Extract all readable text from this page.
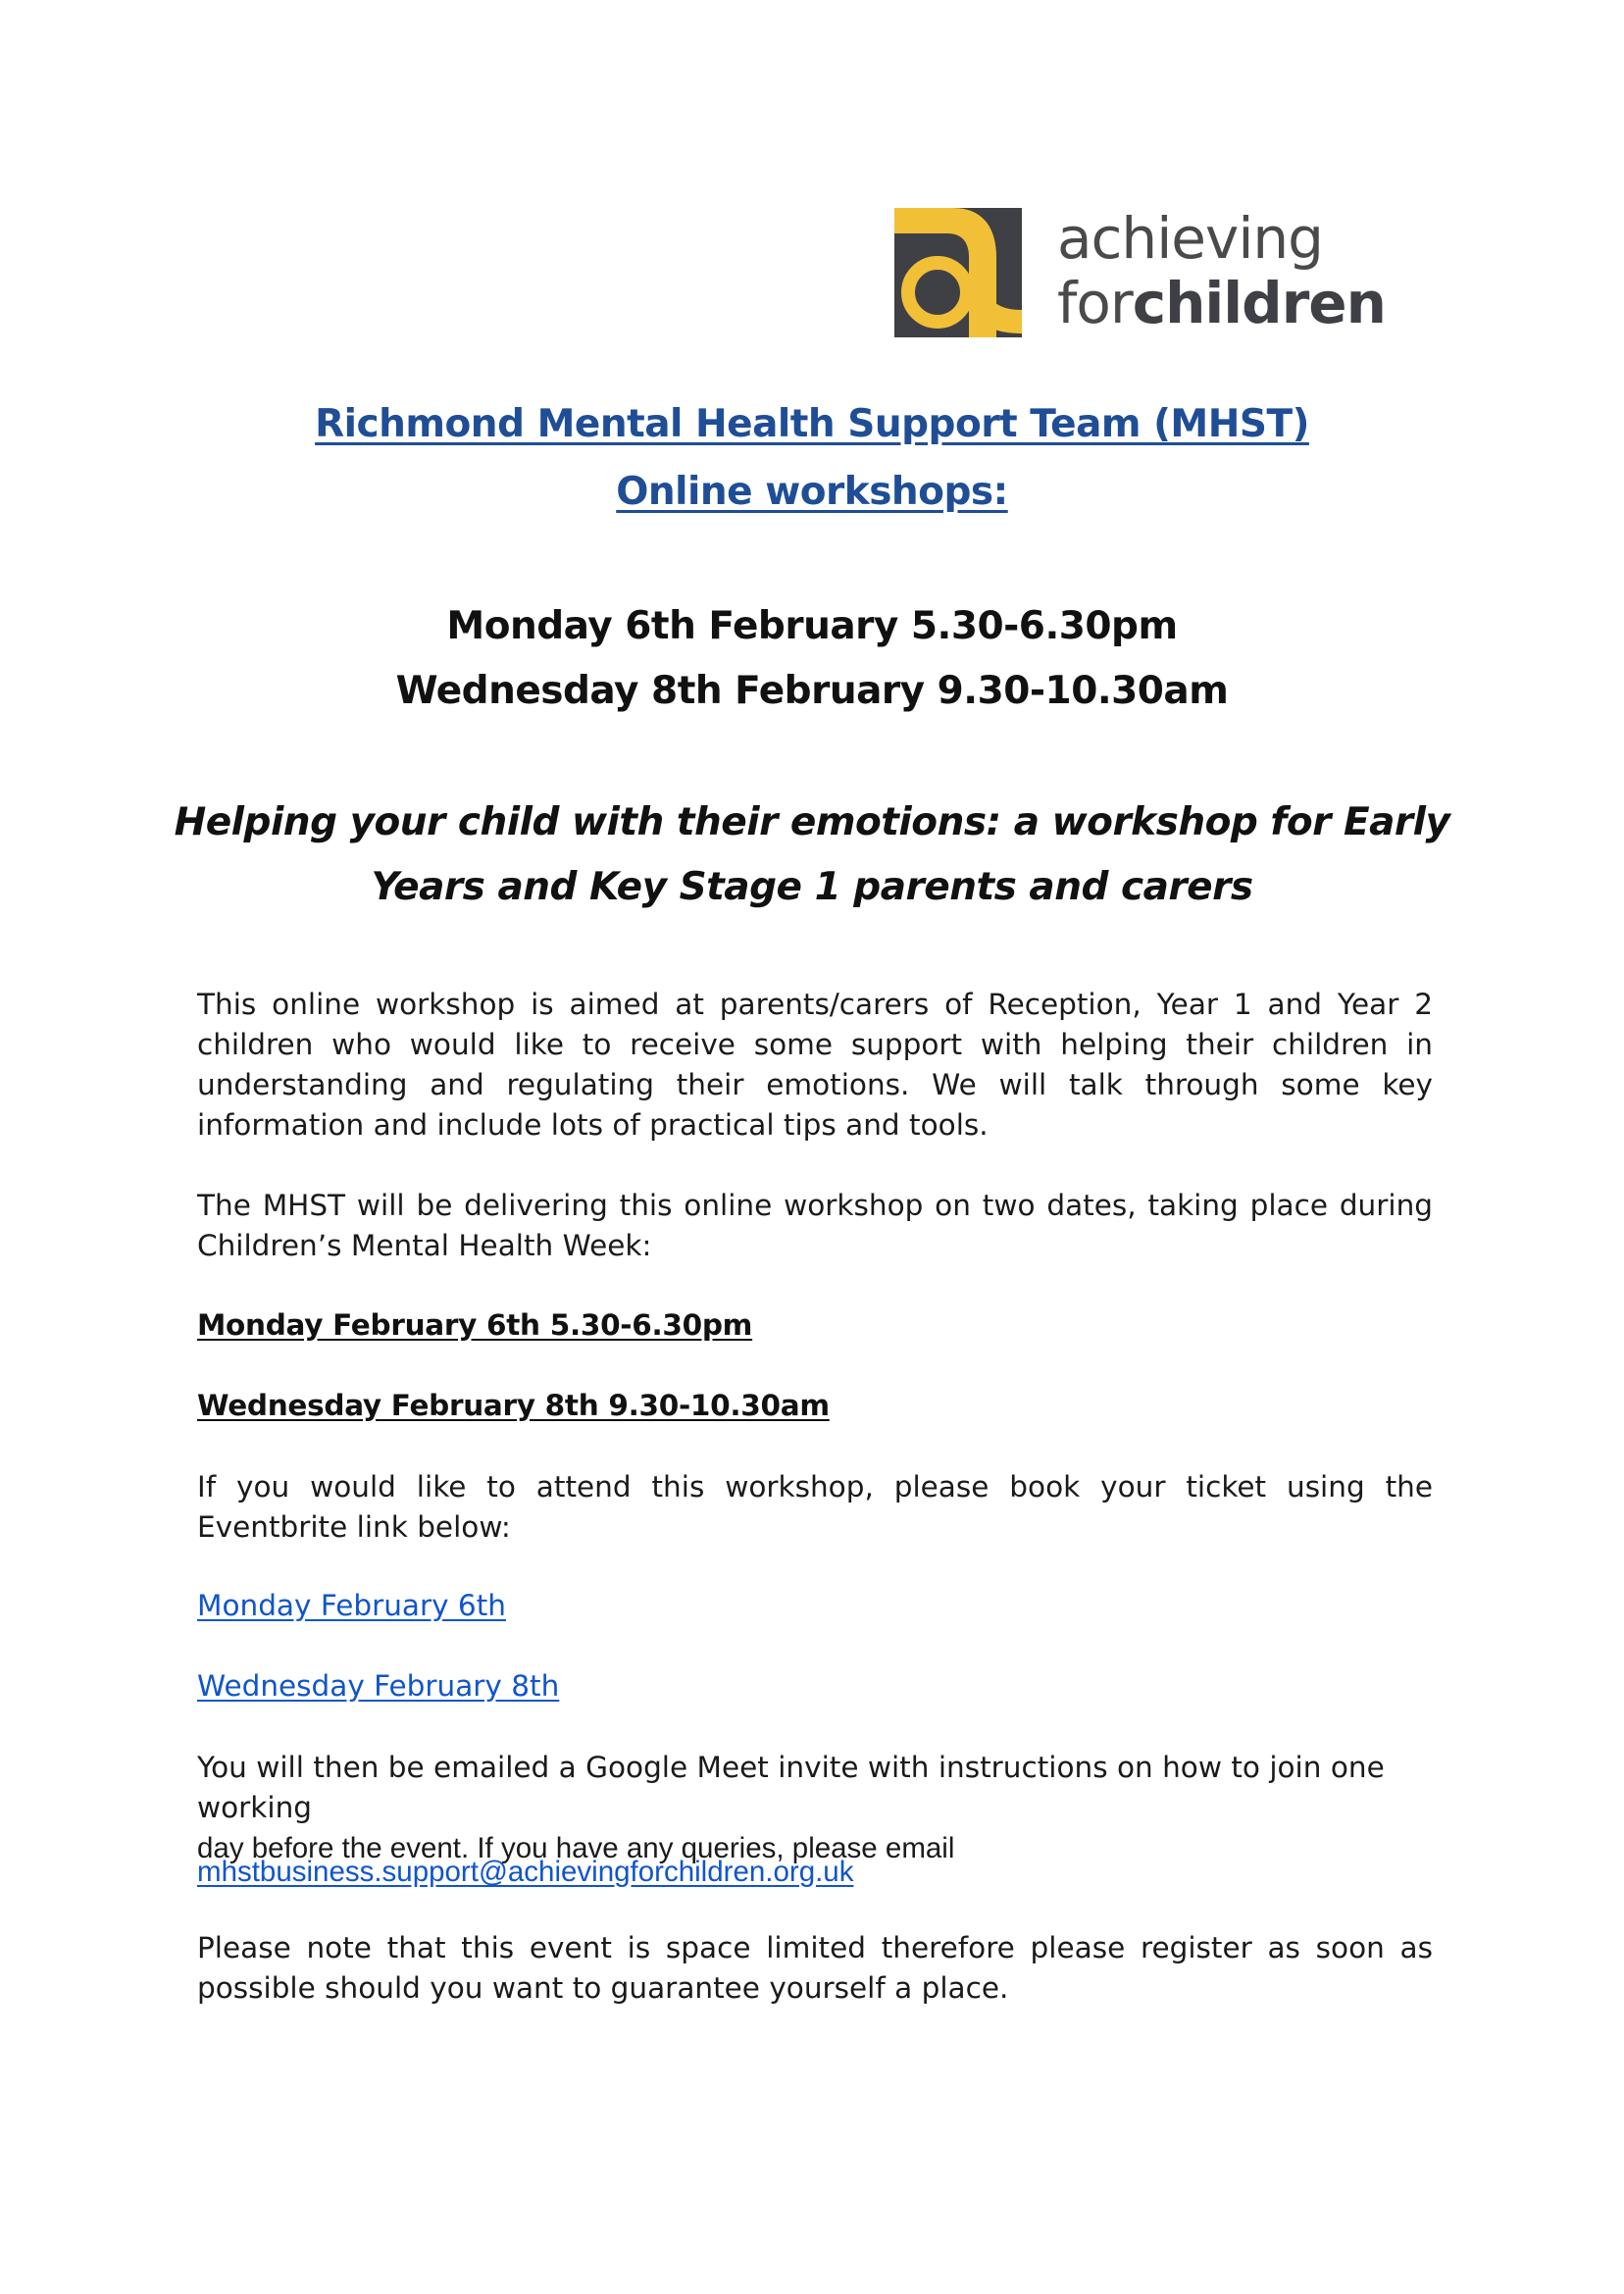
achieving
forchildren
Richmond Mental Health Support Team (MHST)
Online workshops:
Monday 6th February 5.30-6.30pm
Wednesday 8th February 9.30-10.30am
Helping your child with their emotions: a workshop for Early
Years and Key Stage 1 parents and carers

This online workshop is aimed at parents/carers of Reception, Year 1 and Year 2 children who would like to receive some support with helping their children in understanding and regulating their emotions. We will talk through some key information and include lots of practical tips and tools.

The MHST will be delivering this online workshop on two dates, taking place during Children’s Mental Health Week:

Monday February 6th 5.30-6.30pm
Wednesday February 8th 9.30-10.30am

If you would like to attend this workshop, please book your ticket using the Eventbrite link below:

Monday February 6th
Wednesday February 8th
You will then be emailed a Google Meet invite with instructions on how to join one working
day before the event. If you have any queries, please email
mhstbusiness.support@achievingforchildren.org.uk

Please note that this event is space limited therefore please register as soon as possible should you want to guarantee yourself a place.
